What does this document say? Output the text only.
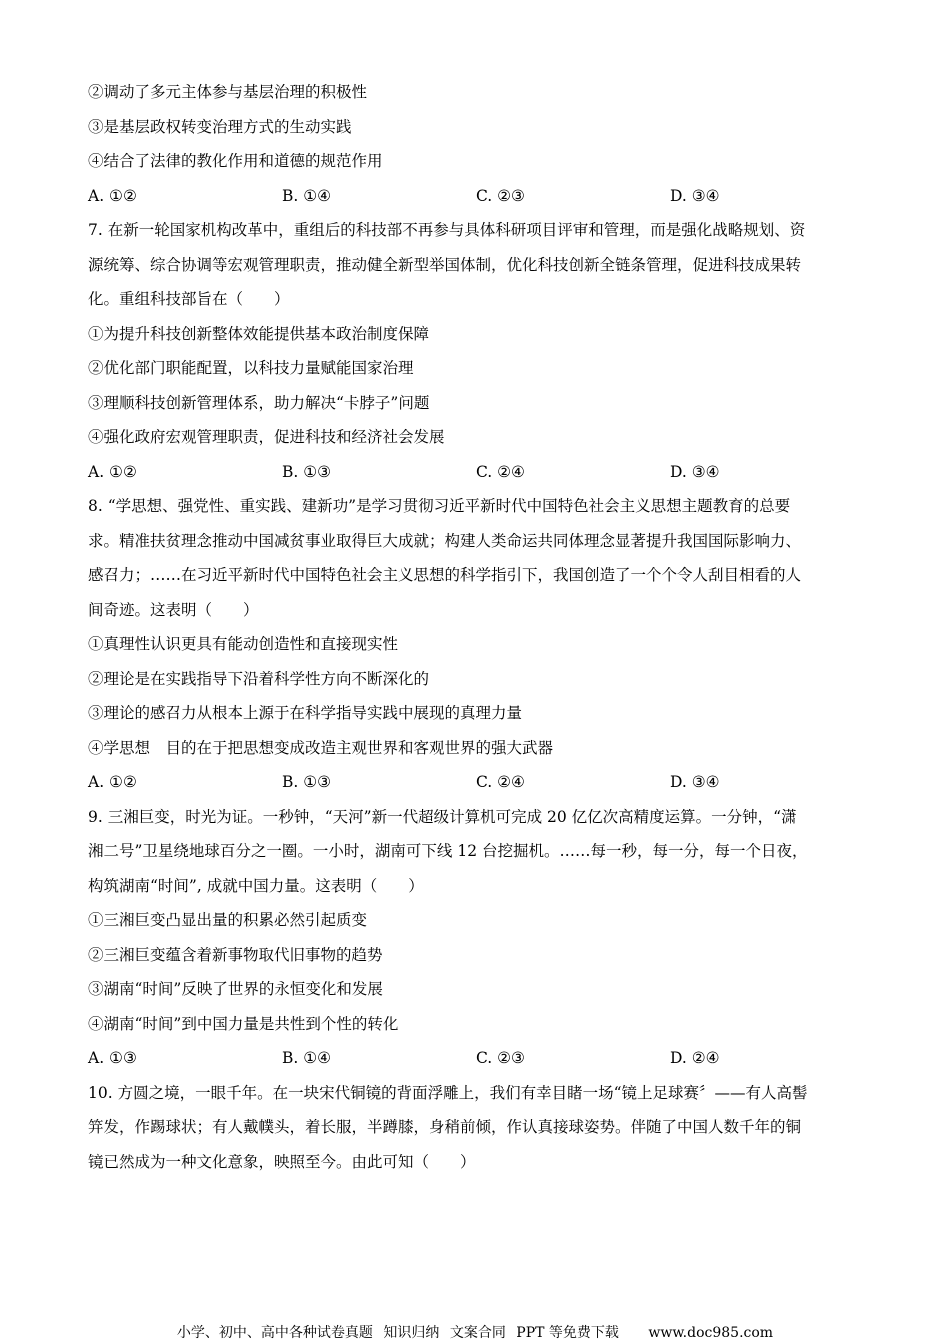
②调动了多元主体参与基层治理的积极性
③是基层政权转变治理方式的生动实践
④结合了法律的教化作用和道德的规范作用
A. ①②	B. ①④	C. ②③	D. ③④
7. 在新一轮国家机构改革中，重组后的科技部不再参与具体科研项目评审和管理，而是强化战略规划、资
源统筹、综合协调等宏观管理职责，推动健全新型举国体制，优化科技创新全链条管理，促进科技成果转
化。重组科技部旨在（　　）
①为提升科技创新整体效能提供基本政治制度保障
②优化部门职能配置，以科技力量赋能国家治理
③理顺科技创新管理体系，助力解决“卡脖子”问题
④强化政府宏观管理职责，促进科技和经济社会发展
A. ①②	B. ①③	C. ②④	D. ③④
8. “学思想、强党性、重实践、建新功”是学习贯彻习近平新时代中国特色社会主义思想主题教育的总要
求。精准扶贫理念推动中国减贫事业取得巨大成就；构建人类命运共同体理念显著提升我国国际影响力、
感召力；……在习近平新时代中国特色社会主义思想的科学指引下，我国创造了一个个令人刮目相看的人
间奇迹。这表明（　　）
①真理性认识更具有能动创造性和直接现实性
②理论是在实践指导下沿着科学性方向不断深化的
③理论的感召力从根本上源于在科学指导实践中展现的真理力量
④学思想　目的在于把思想变成改造主观世界和客观世界的强大武器
A. ①②	B. ①③	C. ②④	D. ③④
9. 三湘巨变，时光为证。一秒钟，“天河”新一代超级计算机可完成 20 亿亿次高精度运算。一分钟，“潇
湘二号”卫星绕地球百分之一圈。一小时，湖南可下线 12 台挖掘机。……每一秒，每一分，每一个日夜，
构筑湖南“时间”, 成就中国力量。这表明（　　）
①三湘巨变凸显出量的积累必然引起质变
②三湘巨变蕴含着新事物取代旧事物的趋势
③湖南“时间”反映了世界的永恒变化和发展
④湖南“时间”到中国力量是共性到个性的转化
A. ①③	B. ①④	C. ②③	D. ②④
10. 方圆之境，一眼千年。在一块宋代铜镜的背面浮雕上，我们有幸目睹一场“镜上足球赛〞——有人高髻
笄发，作踢球状；有人戴幞头，着长服，半蹲膝，身稍前倾，作认真接球姿势。伴随了中国人数千年的铜
镜已然成为一种文化意象，映照至今。由此可知（　　）
小学、初中、高中各种试卷真题 知识归纳 文案合同 PPT 等免费下载 www.doc985.com
